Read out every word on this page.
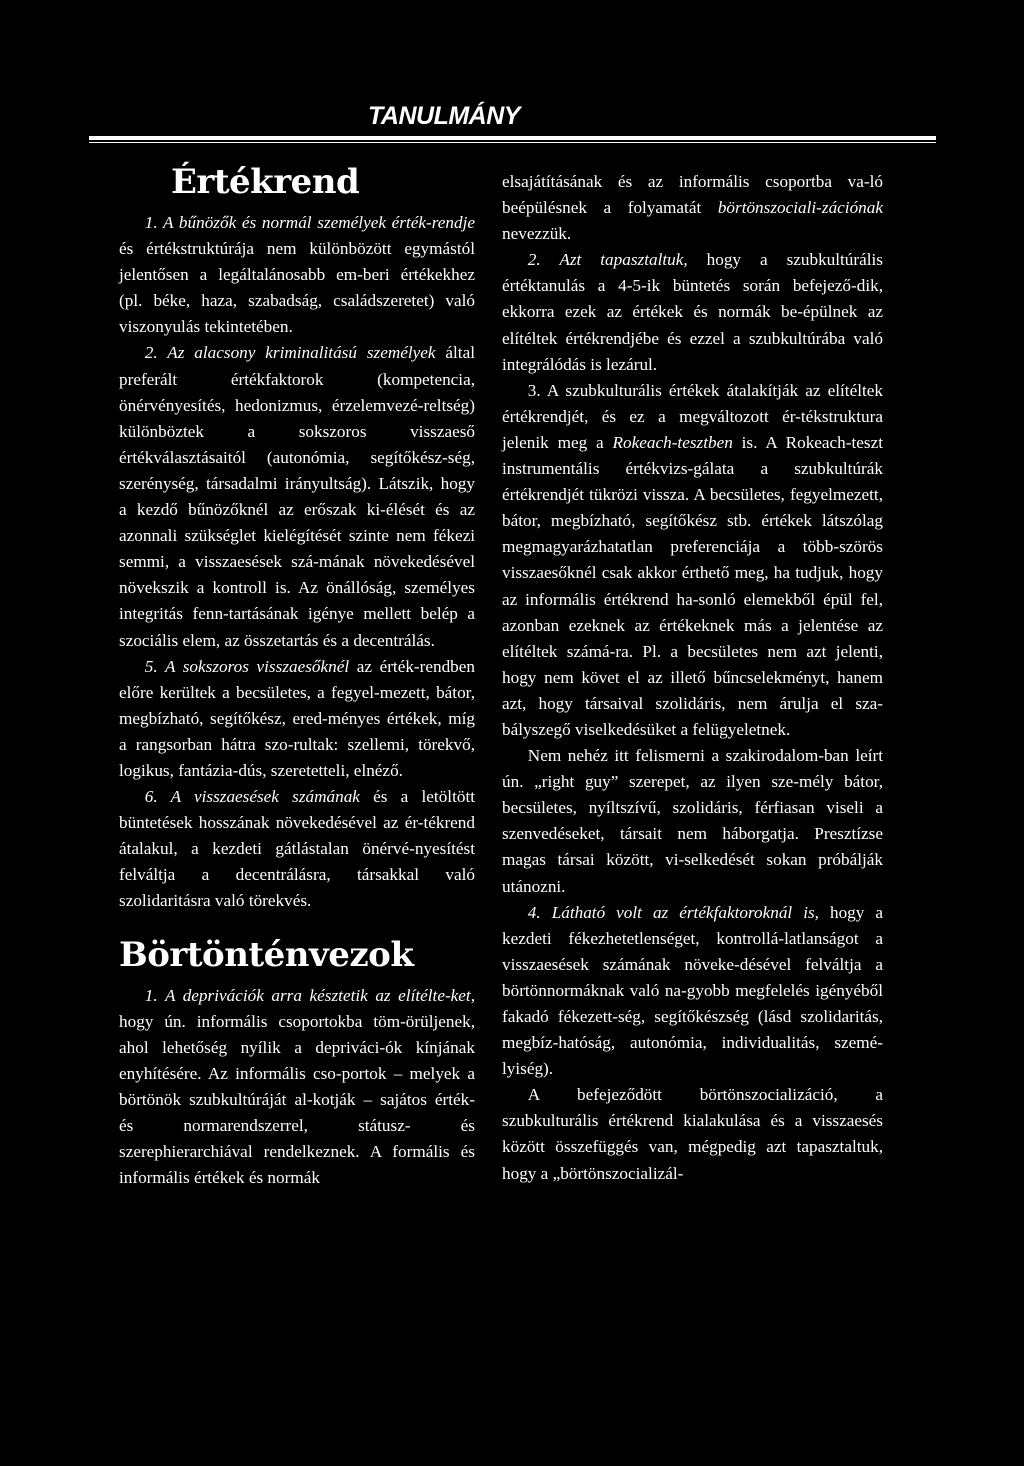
TANULMÁNY
Értékrend

1. A bűnözők és normál személyek érték-rendje és értékstruktúrája nem különbözött egymástól jelentősen a legáltalánosabb em-beri értékekhez (pl. béke, haza, szabadság, családszeretet) való viszonyulás tekintetében.

2. Az alacsony kriminalitású személyek által preferált értékfaktorok (kompetencia, önérvényesítés, hedonizmus, érzelemvezé-reltség) különböztek a sokszoros visszaeső értékválasztásaitól (autonómia, segítőkész-ség, szerénység, társadalmi irányultság). Látszik, hogy a kezdő bűnözőknél az erőszak ki-élését és az azonnali szükséglet kielégítését szinte nem fékezi semmi, a visszaesések szá-mának növekedésével növekszik a kontroll is. Az önállóság, személyes integritás fenn-tartásának igénye mellett belép a szociális elem, az összetartás és a decentrálás.

5. A sokszoros visszaesőknél az érték-rendben előre kerültek a becsületes, a fegyel-mezett, bátor, megbízható, segítőkész, ered-ményes értékek, míg a rangsorban hátra szo-rultak: szellemi, törekvő, logikus, fantázia-dús, szeretetteli, elnéző.

6. A visszaesések számának és a letöltött büntetések hosszának növekedésével az ér-tékrend átalakul, a kezdeti gátlástalan önérvé-nyesítést felváltja a decentrálásra, társakkal való szolidaritásra való törekvés.

Börtönténvezok

1. A deprivációk arra késztetik az elítélte-ket, hogy ún. informális csoportokba töm-örüljenek, ahol lehetőség nyílik a depriváci-ók kínjának enyhítésére. Az informális cso-portok – melyek a börtönök szubkultúráját al-kotják – sajátos érték- és normarendszerrel, státusz- és szerephierarchiával rendelkeznek. A formális és informális értékek és normák

elsajátításának és az informális csoportba va-ló beépülésnek a folyamatát börtönszociali-zációnak nevezzük.

2. Azt tapasztaltuk, hogy a szubkultúrális értéktanulás a 4-5-ik büntetés során befejező-dik, ekkorra ezek az értékek és normák be-épülnek az elítéltek értékrendjébe és ezzel a szubkultúrába való integrálódás is lezárul.

3. A szubkulturális értékek átalakítják az elítéltek értékrendjét, és ez a megváltozott ér-tékstruktura jelenik meg a Rokeach-tesztben is. A Rokeach-teszt instrumentális értékvizs-gálata a szubkultúrák értékrendjét tükrözi vissza. A becsületes, fegyelmezett, bátor, megbízható, segítőkész stb. értékek látszólag megmagyarázhatatlan preferenciája a több-szörös visszaesőknél csak akkor érthető meg, ha tudjuk, hogy az informális értékrend ha-sonló elemekből épül fel, azonban ezeknek az értékeknek más a jelentése az elítéltek számá-ra. Pl. a becsületes nem azt jelenti, hogy nem követ el az illető bűncselekményt, hanem azt, hogy társaival szolidáris, nem árulja el sza-bályszegő viselkedésüket a felügyeletnek.

Nem nehéz itt felismerni a szakirodalom-ban leírt ún. „right guy” szerepet, az ilyen sze-mély bátor, becsületes, nyíltszívű, szolidáris, férfiasan viseli a szenvedéseket, társait nem háborgatja. Presztízse magas társai között, vi-selkedését sokan próbálják utánozni.

4. Látható volt az értékfaktoroknál is, hogy a kezdeti fékezhetetlenséget, kontrollá-latlanságot a visszaesések számának növeke-désével felváltja a börtönnormáknak való na-gyobb megfelelés igényéből fakadó fékezett-ség, segítőkészség (lásd szolidaritás, megbíz-hatóság, autonómia, individualitás, szemé-lyiség).

A befejeződött börtönszocializáció, a szubkulturális értékrend kialakulása és a visszaesés között összefüggés van, mégpedig azt tapasztaltuk, hogy a „börtönszocializál-
